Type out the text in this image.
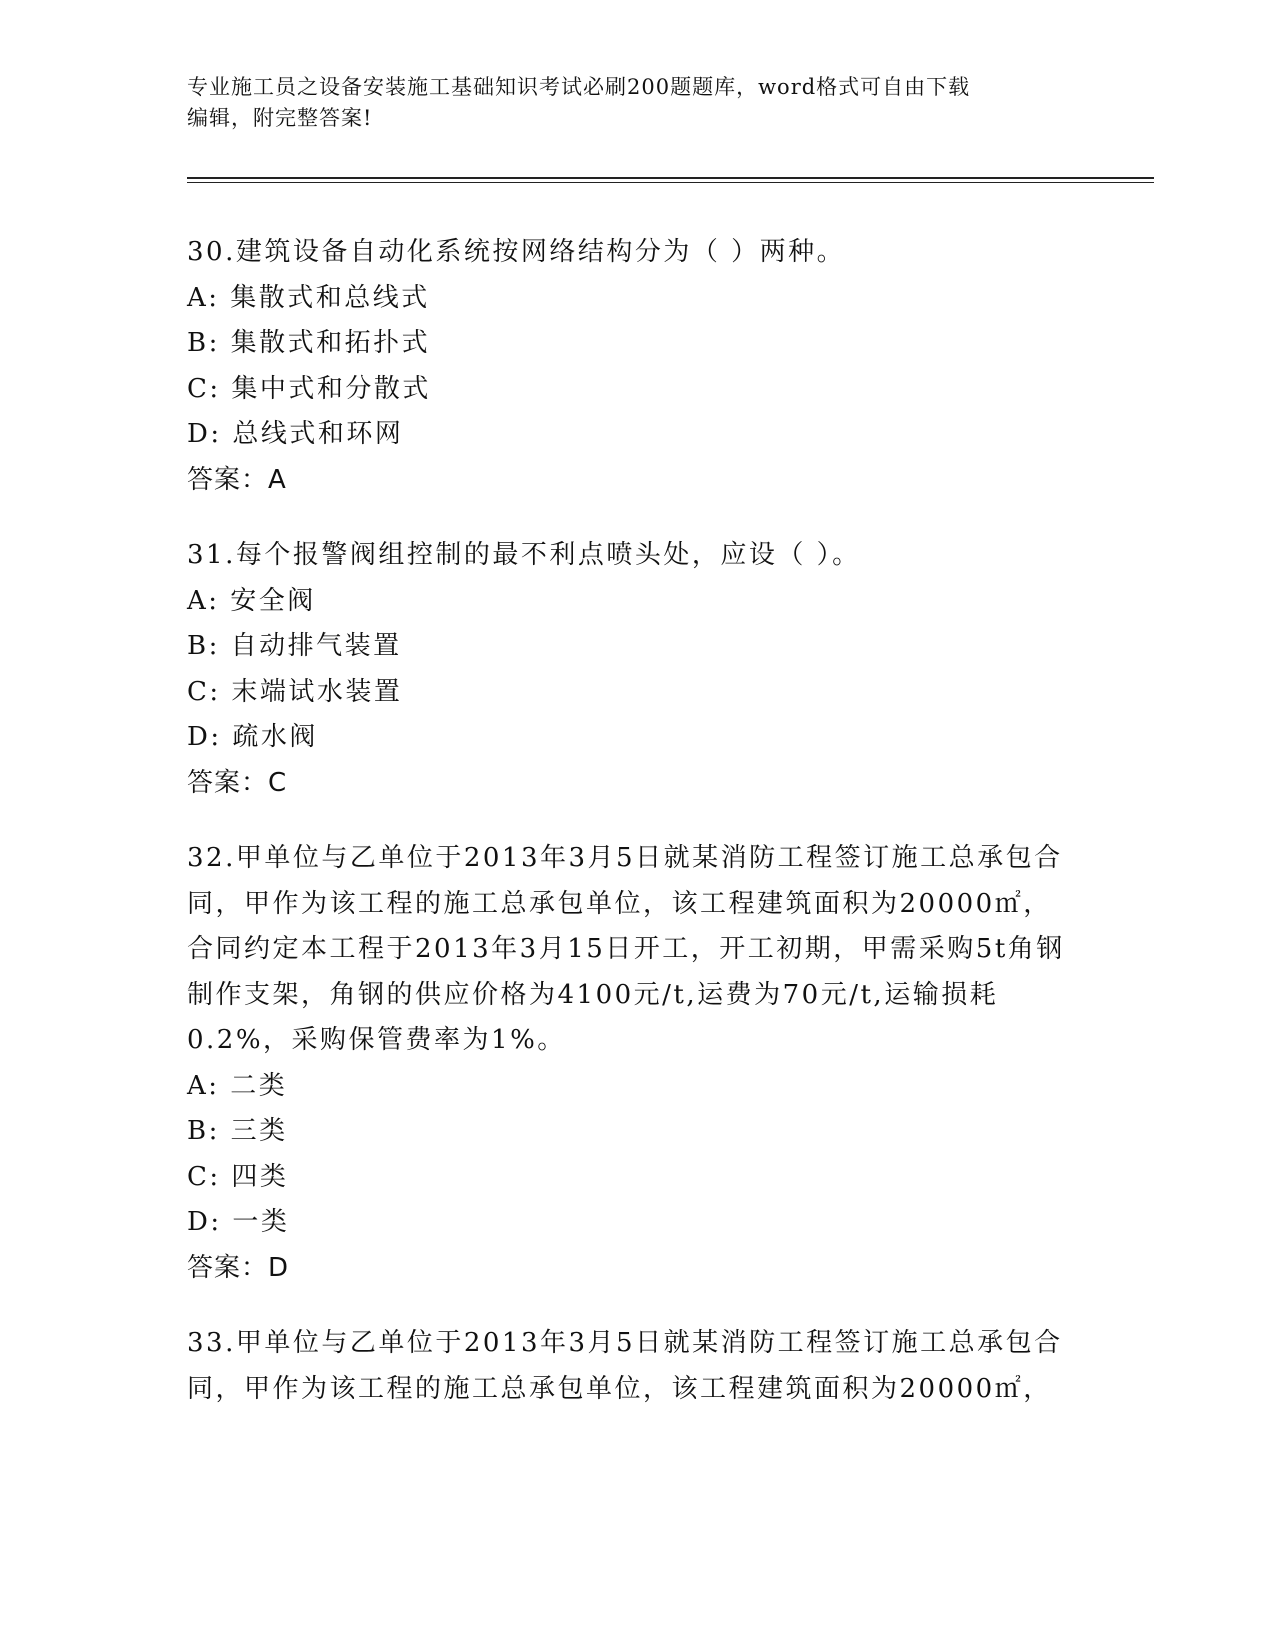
专业施工员之设备安装施工基础知识考试必刷200题题库，word格式可自由下载
编辑，附完整答案!

30.建筑设备自动化系统按网络结构分为（ ）两种。

A: 集散式和总线式

B: 集散式和拓扑式

C: 集中式和分散式

D: 总线式和环网

答案：A

31.每个报警阀组控制的最不利点喷头处，应设（ ）。

A: 安全阀

B: 自动排气装置

C: 末端试水装置

D: 疏水阀

答案：C

32.甲单位与乙单位于2013年3月5日就某消防工程签订施工总承包合同，甲作为该工程的施工总承包单位，该工程建筑面积为20000㎡，合同约定本工程于2013年3月15日开工，开工初期，甲需采购5t角钢制作支架，角钢的供应价格为4100元/t,运费为70元/t,运输损耗0.2%，采购保管费率为1%。

A: 二类

B: 三类

C: 四类

D: 一类

答案：D

33.甲单位与乙单位于2013年3月5日就某消防工程签订施工总承包合同，甲作为该工程的施工总承包单位，该工程建筑面积为20000㎡，
